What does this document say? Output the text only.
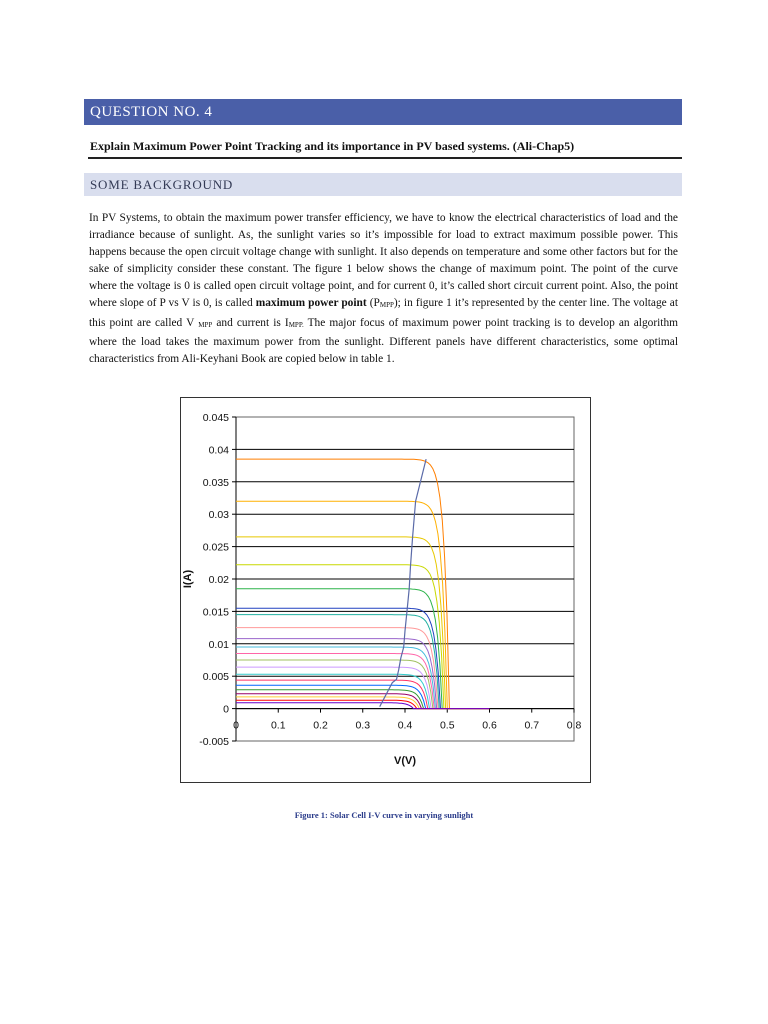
QUESTION NO. 4
Explain Maximum Power Point Tracking and its importance in PV based systems. (Ali-Chap5)
SOME BACKGROUND
In PV Systems, to obtain the maximum power transfer efficiency, we have to know the electrical characteristics of load and the irradiance because of sunlight. As, the sunlight varies so it’s impossible for load to extract maximum possible power. This happens because the open circuit voltage change with sunlight. It also depends on temperature and some other factors but for the sake of simplicity consider these constant. The figure 1 below shows the change of maximum point. The point of the curve where the voltage is 0 is called open circuit voltage point, and for current 0, it’s called short circuit current point. Also, the point where slope of P vs V is 0, is called maximum power point $(P_{MPP})$; in figure 1 it’s represented by the center line. The voltage at this point are called V $_{MPP}$ and current is $I_{MPP.}$ The major focus of maximum power point tracking is to develop an algorithm where the load takes the maximum power from the sunlight. Different panels have different characteristics, some optimal characteristics from Ali-Keyhani Book are copied below in table 1.
0.045
0.04
0.035
0.03
0.025
0.02
0.015
0.01
0.005
0
-0.005
0	0.1	0.2	0.3	0.4	0.5	0.6	0.7	0.8
V(V)
I(A)
Figure 1: Solar Cell I-V curve in varying sunlight
